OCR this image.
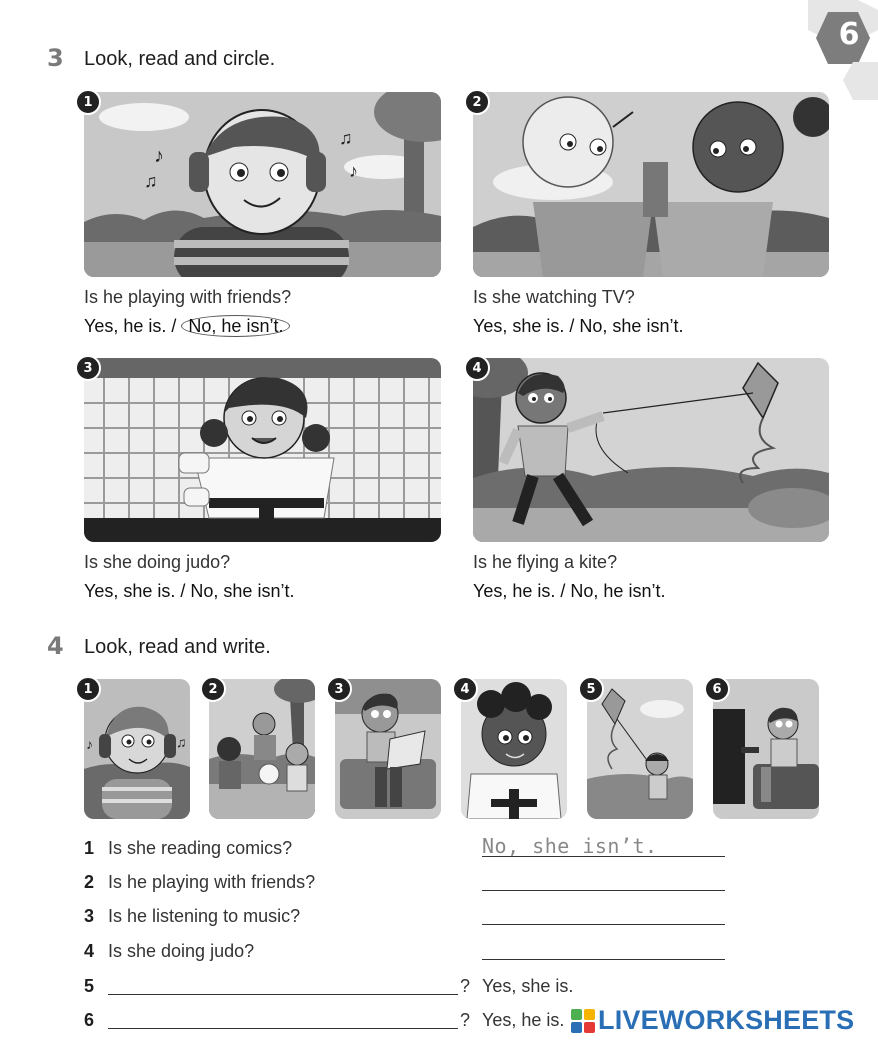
6
3 Look, read and circle.
1
♪
♫
♫
♪
Is he playing with friends?
Yes, he is. / No, he isn’t.
2
Is she watching TV?
Yes, she is. / No, she isn’t.
3
Is she doing judo?
Yes, she is. / No, she isn’t.
4
Is he flying a kite?
Yes, he is. / No, he isn’t.
4 Look, read and write.
1
♪	♫
2	3	4	5	6
1 Is she reading comics?	No, she isn’t.
2 Is he playing with friends?
3 Is he listening to music?
4 Is she doing judo?
5	? Yes, she is.
6	? Yes, he is. LIVEWORKSHEETS
